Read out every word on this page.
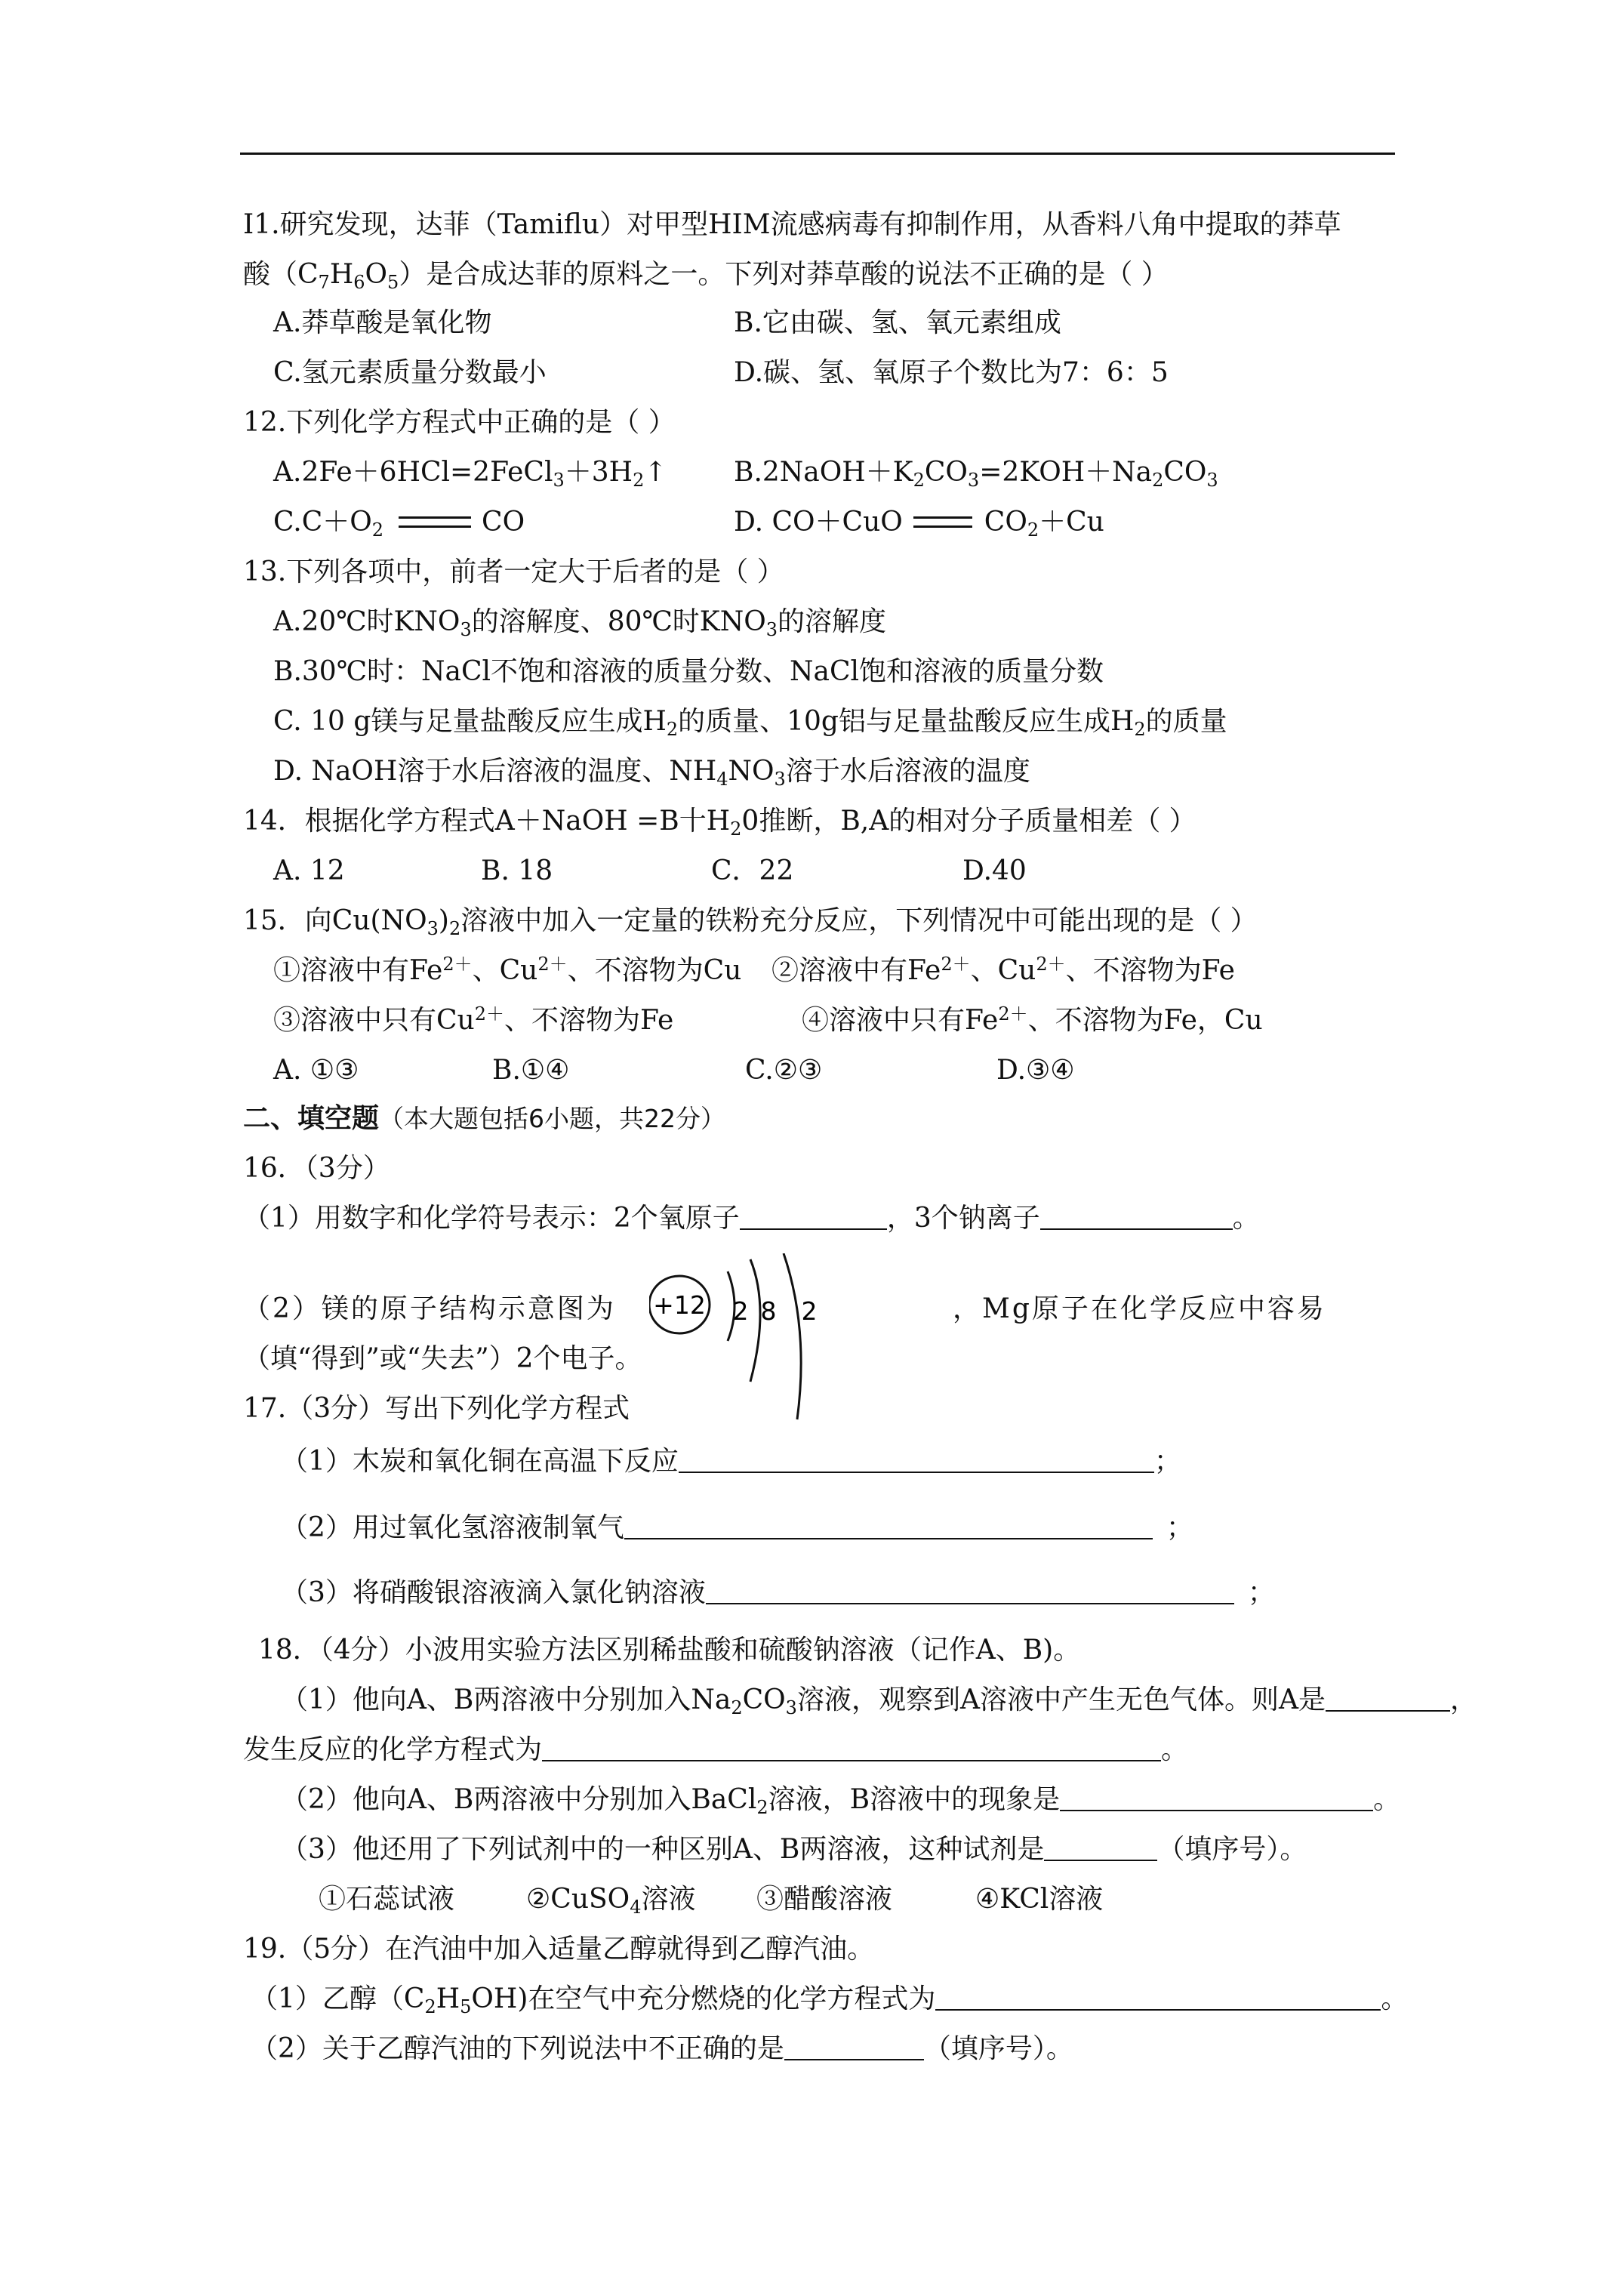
I1.研究发现，达菲（Tamiflu）对甲型HIM流感病毒有抑制作用，从香料八角中提取的莽草
酸$(C_7H_6O_5)$是合成达菲的原料之一。下列对莽草酸的说法不正确的是（ ）
A.莽草酸是氧化物	B.它由碳、氢、氧元素组成
C.氢元素质量分数最小	D.碳、氢、氧原子个数比为7：6：5
12.下列化学方程式中正确的是（ ）
$A.2Fe+6HCl=2FeCl_3+3H_2↑$ $B.2NaOH+K_2CO_3=2KOH+Na_2CO_3$
$C.C+O_2$	CO	D. CO＋CuO	$CO_2+Cu$
13.下列各项中，前者一定大于后者的是（ ）
A.20℃时$KNO_3$的溶解度、80℃时$KNO_3$的溶解度
B.30℃时：NaCl不饱和溶液的质量分数、NaCl饱和溶液的质量分数
C. 10 g镁与足量盐酸反应生成$H_2$的质量、10g铝与足量盐酸反应生成$H_2$的质量
D. NaOH溶于水后溶液的温度、$NH_4NO_3$溶于水后溶液的温度
14．根据化学方程式A＋NaOH =B十$H_20$推断，B,A的相对分子质量相差（ ）
A. 12	B. 18	C．22	D.40
15．向$Cu(NO_3)_2$溶液中加入一定量的铁粉充分反应，下列情况中可能出现的是（ ）
①溶液中有$Fe^{2+}$、$Cu^{2+}$、不溶物为Cu ②溶液中有$Fe^{2+}$、$Cu^{2+}$、不溶物为Fe
③溶液中只有$Cu^{2+}$、不溶物为Fe	④溶液中只有$Fe^{2+}$、不溶物为Fe，Cu
A. ①③	B.①④	C.②③	D.③④
二、填空题（本大题包括6小题，共22分）
16．（3分）
（1）用数字和化学符号表示：2个氧原子	，3个钠离子	。
（2）镁的原子结构示意图为	，Mg原子在化学反应中容易
（填“得到”或“失去”）2个电子。
+12 2 8 2
17.（3分）写出下列化学方程式
（1）木炭和氧化铜在高温下反应	；
（2）用过氧化氢溶液制氧气	；
（3）将硝酸银溶液滴入氯化钠溶液	；
18．（4分）小波用实验方法区别稀盐酸和硫酸钠溶液（记作A、B)。
（1）他向A、B两溶液中分别加入$Na_2CO_3$溶液，观察到A溶液中产生无色气体。则A是	，
发生反应的化学方程式为	。
（2）他向A、B两溶液中分别加入BaCl$_2$溶液，B溶液中的现象是	。
（3）他还用了下列试剂中的一种区别A、B两溶液，这种试剂是	（填序号）。
①石蕊试液	②CuSO$_4$溶液 ③醋酸溶液	④KCl溶液
19.（5分）在汽油中加入适量乙醇就得到乙醇汽油。
（1）乙醇$(C_2H_5OH)$在空气中充分燃烧的化学方程式为	。
（2）关于乙醇汽油的下列说法中不正确的是	（填序号）。
